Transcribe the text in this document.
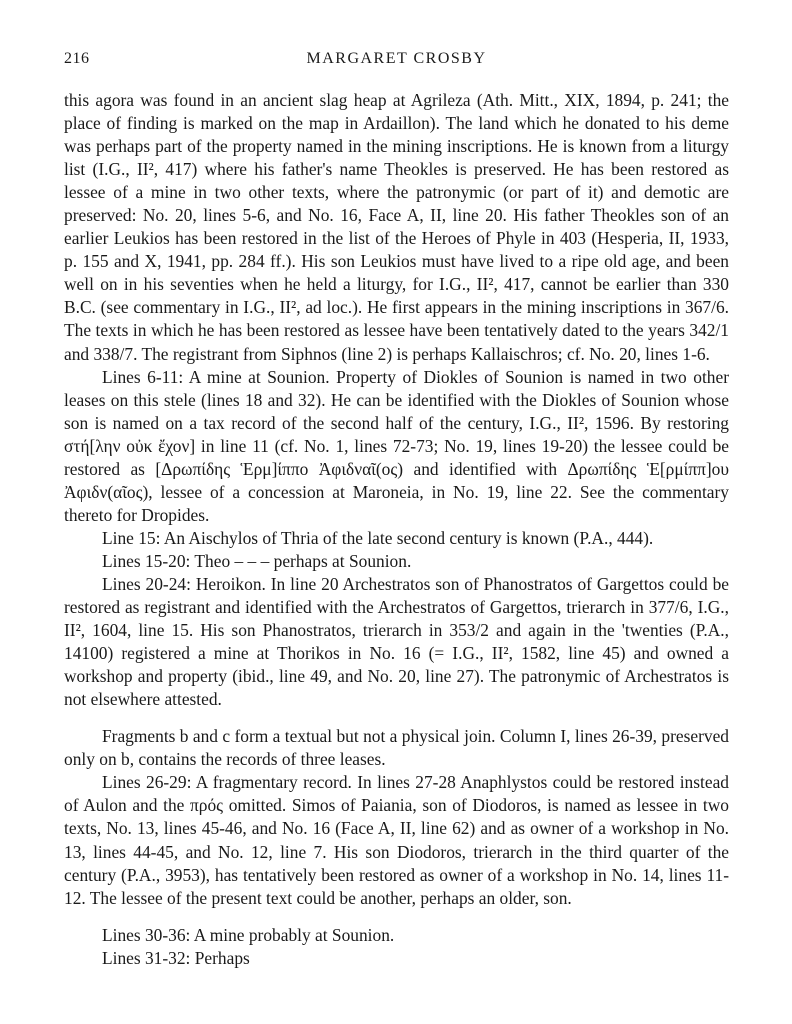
216	MARGARET CROSBY

this agora was found in an ancient slag heap at Agrileza (Ath. Mitt., XIX, 1894, p. 241; the place of finding is marked on the map in Ardaillon). The land which he donated to his deme was perhaps part of the property named in the mining inscriptions. He is known from a liturgy list (I.G., II², 417) where his father's name Theokles is preserved. He has been restored as lessee of a mine in two other texts, where the patronymic (or part of it) and demotic are preserved: No. 20, lines 5-6, and No. 16, Face A, II, line 20. His father Theokles son of an earlier Leukios has been restored in the list of the Heroes of Phyle in 403 (Hesperia, II, 1933, p. 155 and X, 1941, pp. 284 ff.). His son Leukios must have lived to a ripe old age, and been well on in his seventies when he held a liturgy, for I.G., II², 417, cannot be earlier than 330 B.C. (see commentary in I.G., II², ad loc.). He first appears in the mining inscriptions in 367/6. The texts in which he has been restored as lessee have been tentatively dated to the years 342/1 and 338/7. The registrant from Siphnos (line 2) is perhaps Kallaischros; cf. No. 20, lines 1-6.

Lines 6-11: A mine at Sounion. Property of Diokles of Sounion is named in two other leases on this stele (lines 18 and 32). He can be identified with the Diokles of Sounion whose son is named on a tax record of the second half of the century, I.G., II², 1596. By restoring στή[λην οὐκ ἔχον] in line 11 (cf. No. 1, lines 72-73; No. 19, lines 19-20) the lessee could be restored as [Δρωπίδης Ἑρμ]ίππο Ἀφιδναῖ(ος) and identified with Δρωπίδης Ἑ[ρμίππ]ου Ἀφιδν(αῖος), lessee of a concession at Maroneia, in No. 19, line 22. See the commentary thereto for Dropides.

Line 15: An Aischylos of Thria of the late second century is known (P.A., 444).

Lines 15-20: Theo – – – perhaps at Sounion.

Lines 20-24: Heroikon. In line 20 Archestratos son of Phanostratos of Gargettos could be restored as registrant and identified with the Archestratos of Gargettos, trierarch in 377/6, I.G., II², 1604, line 15. His son Phanostratos, trierarch in 353/2 and again in the 'twenties (P.A., 14100) registered a mine at Thorikos in No. 16 (= I.G., II², 1582, line 45) and owned a workshop and property (ibid., line 49, and No. 20, line 27). The patronymic of Archestratos is not elsewhere attested.

Fragments b and c form a textual but not a physical join. Column I, lines 26-39, preserved only on b, contains the records of three leases.

Lines 26-29: A fragmentary record. In lines 27-28 Anaphlystos could be restored instead of Aulon and the πρός omitted. Simos of Paiania, son of Diodoros, is named as lessee in two texts, No. 13, lines 45-46, and No. 16 (Face A, II, line 62) and as owner of a workshop in No. 13, lines 44-45, and No. 12, line 7. His son Diodoros, trierarch in the third quarter of the century (P.A., 3953), has tentatively been restored as owner of a workshop in No. 14, lines 11-12. The lessee of the present text could be another, perhaps an older, son.

Lines 30-36: A mine probably at Sounion.

Lines 31-32: Perhaps
